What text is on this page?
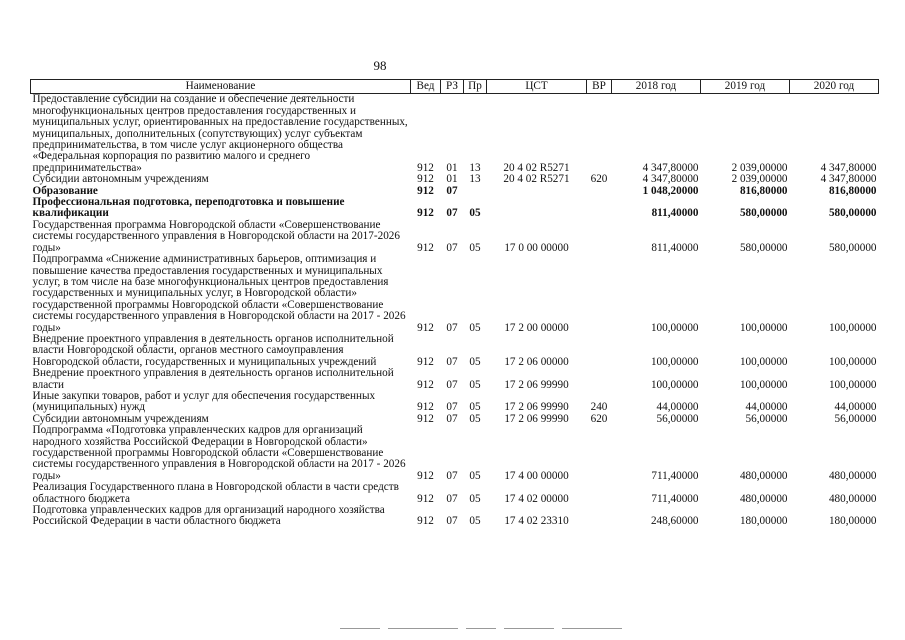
98
Наименование	Вед	РЗ	Пр	ЦСТ	ВР	2018 год	2019 год	2020 год
Предоставление субсидии на создание и обеспечение деятельности многофункциональных центров предоставления государственных и муниципальных услуг, ориентированных на предоставление государственных, муниципальных, дополнительных (сопутствующих) услуг субъектам предпринимательства, в том числе услуг акционерного общества «Федеральная корпорация по развитию малого и среднего предпринимательства»	912	01	13	20 4 02 R5271		4 347,80000	2 039,00000	4 347,80000
Субсидии автономным учреждениям	912	01	13	20 4 02 R5271	620	4 347,80000	2 039,00000	4 347,80000
Образование	912	07				1 048,20000	816,80000	816,80000
Профессиональная подготовка, переподготовка и повышение квалификации	912	07	05			811,40000	580,00000	580,00000
Государственная программа Новгородской области «Совершенствование системы государственного управления в Новгородской области на 2017-2026 годы»	912	07	05	17 0 00 00000		811,40000	580,00000	580,00000
Подпрограмма «Снижение административных барьеров, оптимизация и повышение качества предоставления государственных и муниципальных услуг, в том числе на базе многофункциональных центров предоставления государственных и муниципальных услуг, в Новгородской области» государственной программы Новгородской области «Совершенствование системы государственного управления в Новгородской области на 2017 - 2026 годы»	912	07	05	17 2 00 00000		100,00000	100,00000	100,00000
Внедрение проектного управления в деятельность органов исполнительной власти Новгородской области, органов местного самоуправления Новгородской области, государственных и муниципальных учреждений	912	07	05	17 2 06 00000		100,00000	100,00000	100,00000
Внедрение проектного управления в деятельность органов исполнительной власти	912	07	05	17 2 06 99990		100,00000	100,00000	100,00000
Иные закупки товаров, работ и услуг для обеспечения государственных (муниципальных) нужд	912	07	05	17 2 06 99990	240	44,00000	44,00000	44,00000
Субсидии автономным учреждениям	912	07	05	17 2 06 99990	620	56,00000	56,00000	56,00000
Подпрограмма «Подготовка управленческих кадров для организаций народного хозяйства Российской Федерации в Новгородской области» государственной программы Новгородской области «Совершенствование системы государственного управления в Новгородской области на 2017 - 2026 годы»	912	07	05	17 4 00 00000		711,40000	480,00000	480,00000
Реализация Государственного плана в Новгородской области в части средств областного бюджета	912	07	05	17 4 02 00000		711,40000	480,00000	480,00000
Подготовка управленческих кадров для организаций народного хозяйства Российской Федерации в части областного бюджета	912	07	05	17 4 02 23310		248,60000	180,00000	180,00000
